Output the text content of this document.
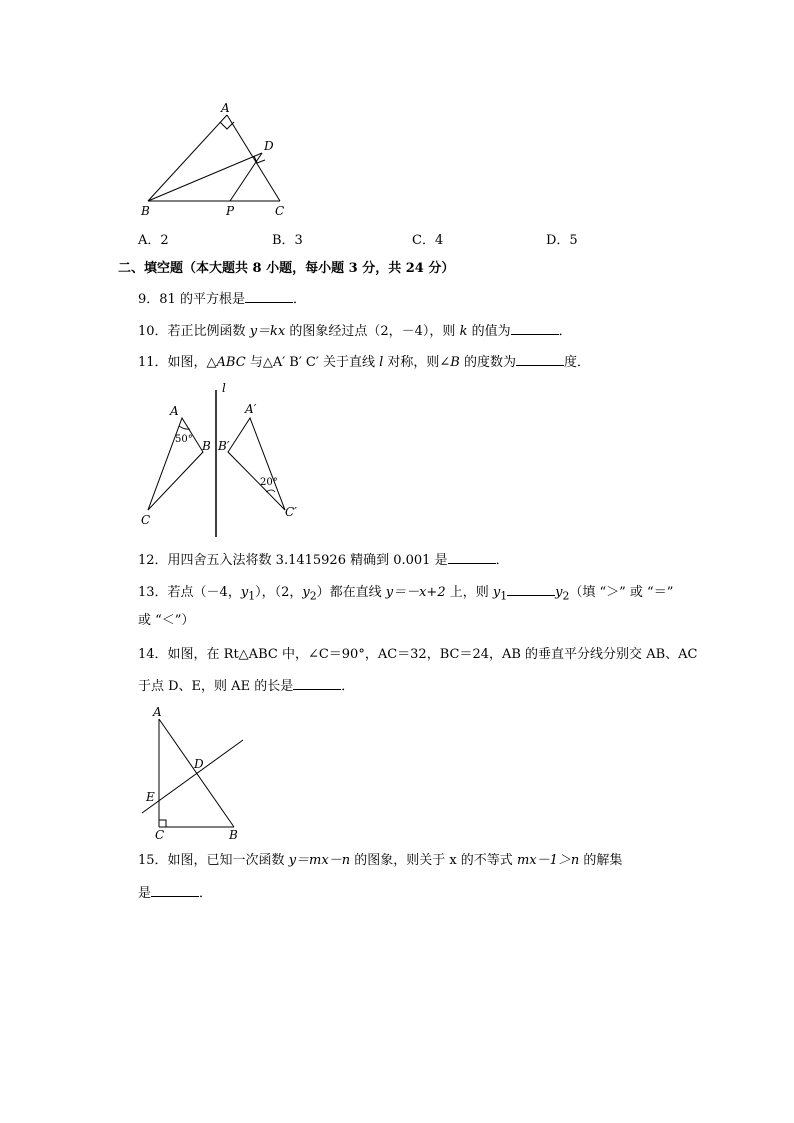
A
D
B	P	C
A．2	B．3	C．4	D．5
二、填空题（本大题共 8 小题，每小题 3 分，共 24 分）
9．81 的平方根是	．
10．若正比例函数 y＝kx 的图象经过点（2，－4），则 k 的值为	．
11．如图，△ABC 与△A′ B′ C′ 关于直线 l 对称，则∠B 的度数为	度．
l
A
50° B
C
A′
B′
20°
C′
12．用四舍五入法将数 3.1415926 精确到 0.001 是	．
13．若点（－4，$y_1$），（2，$y_2$）都在直线 y＝－x+2 上，则 $y_1$	$y_2$（填 “＞” 或 “＝”
或 “＜”）
14．如图，在 Rt△ABC 中，∠C＝90°，AC＝32，BC＝24，AB 的垂直平分线分别交 AB、AC
于点 D、E，则 AE 的长是	．
A
D
E
C	B
15．如图，已知一次函数 y＝mx－n 的图象，则关于 x 的不等式 mx－1＞n 的解集
是	．
